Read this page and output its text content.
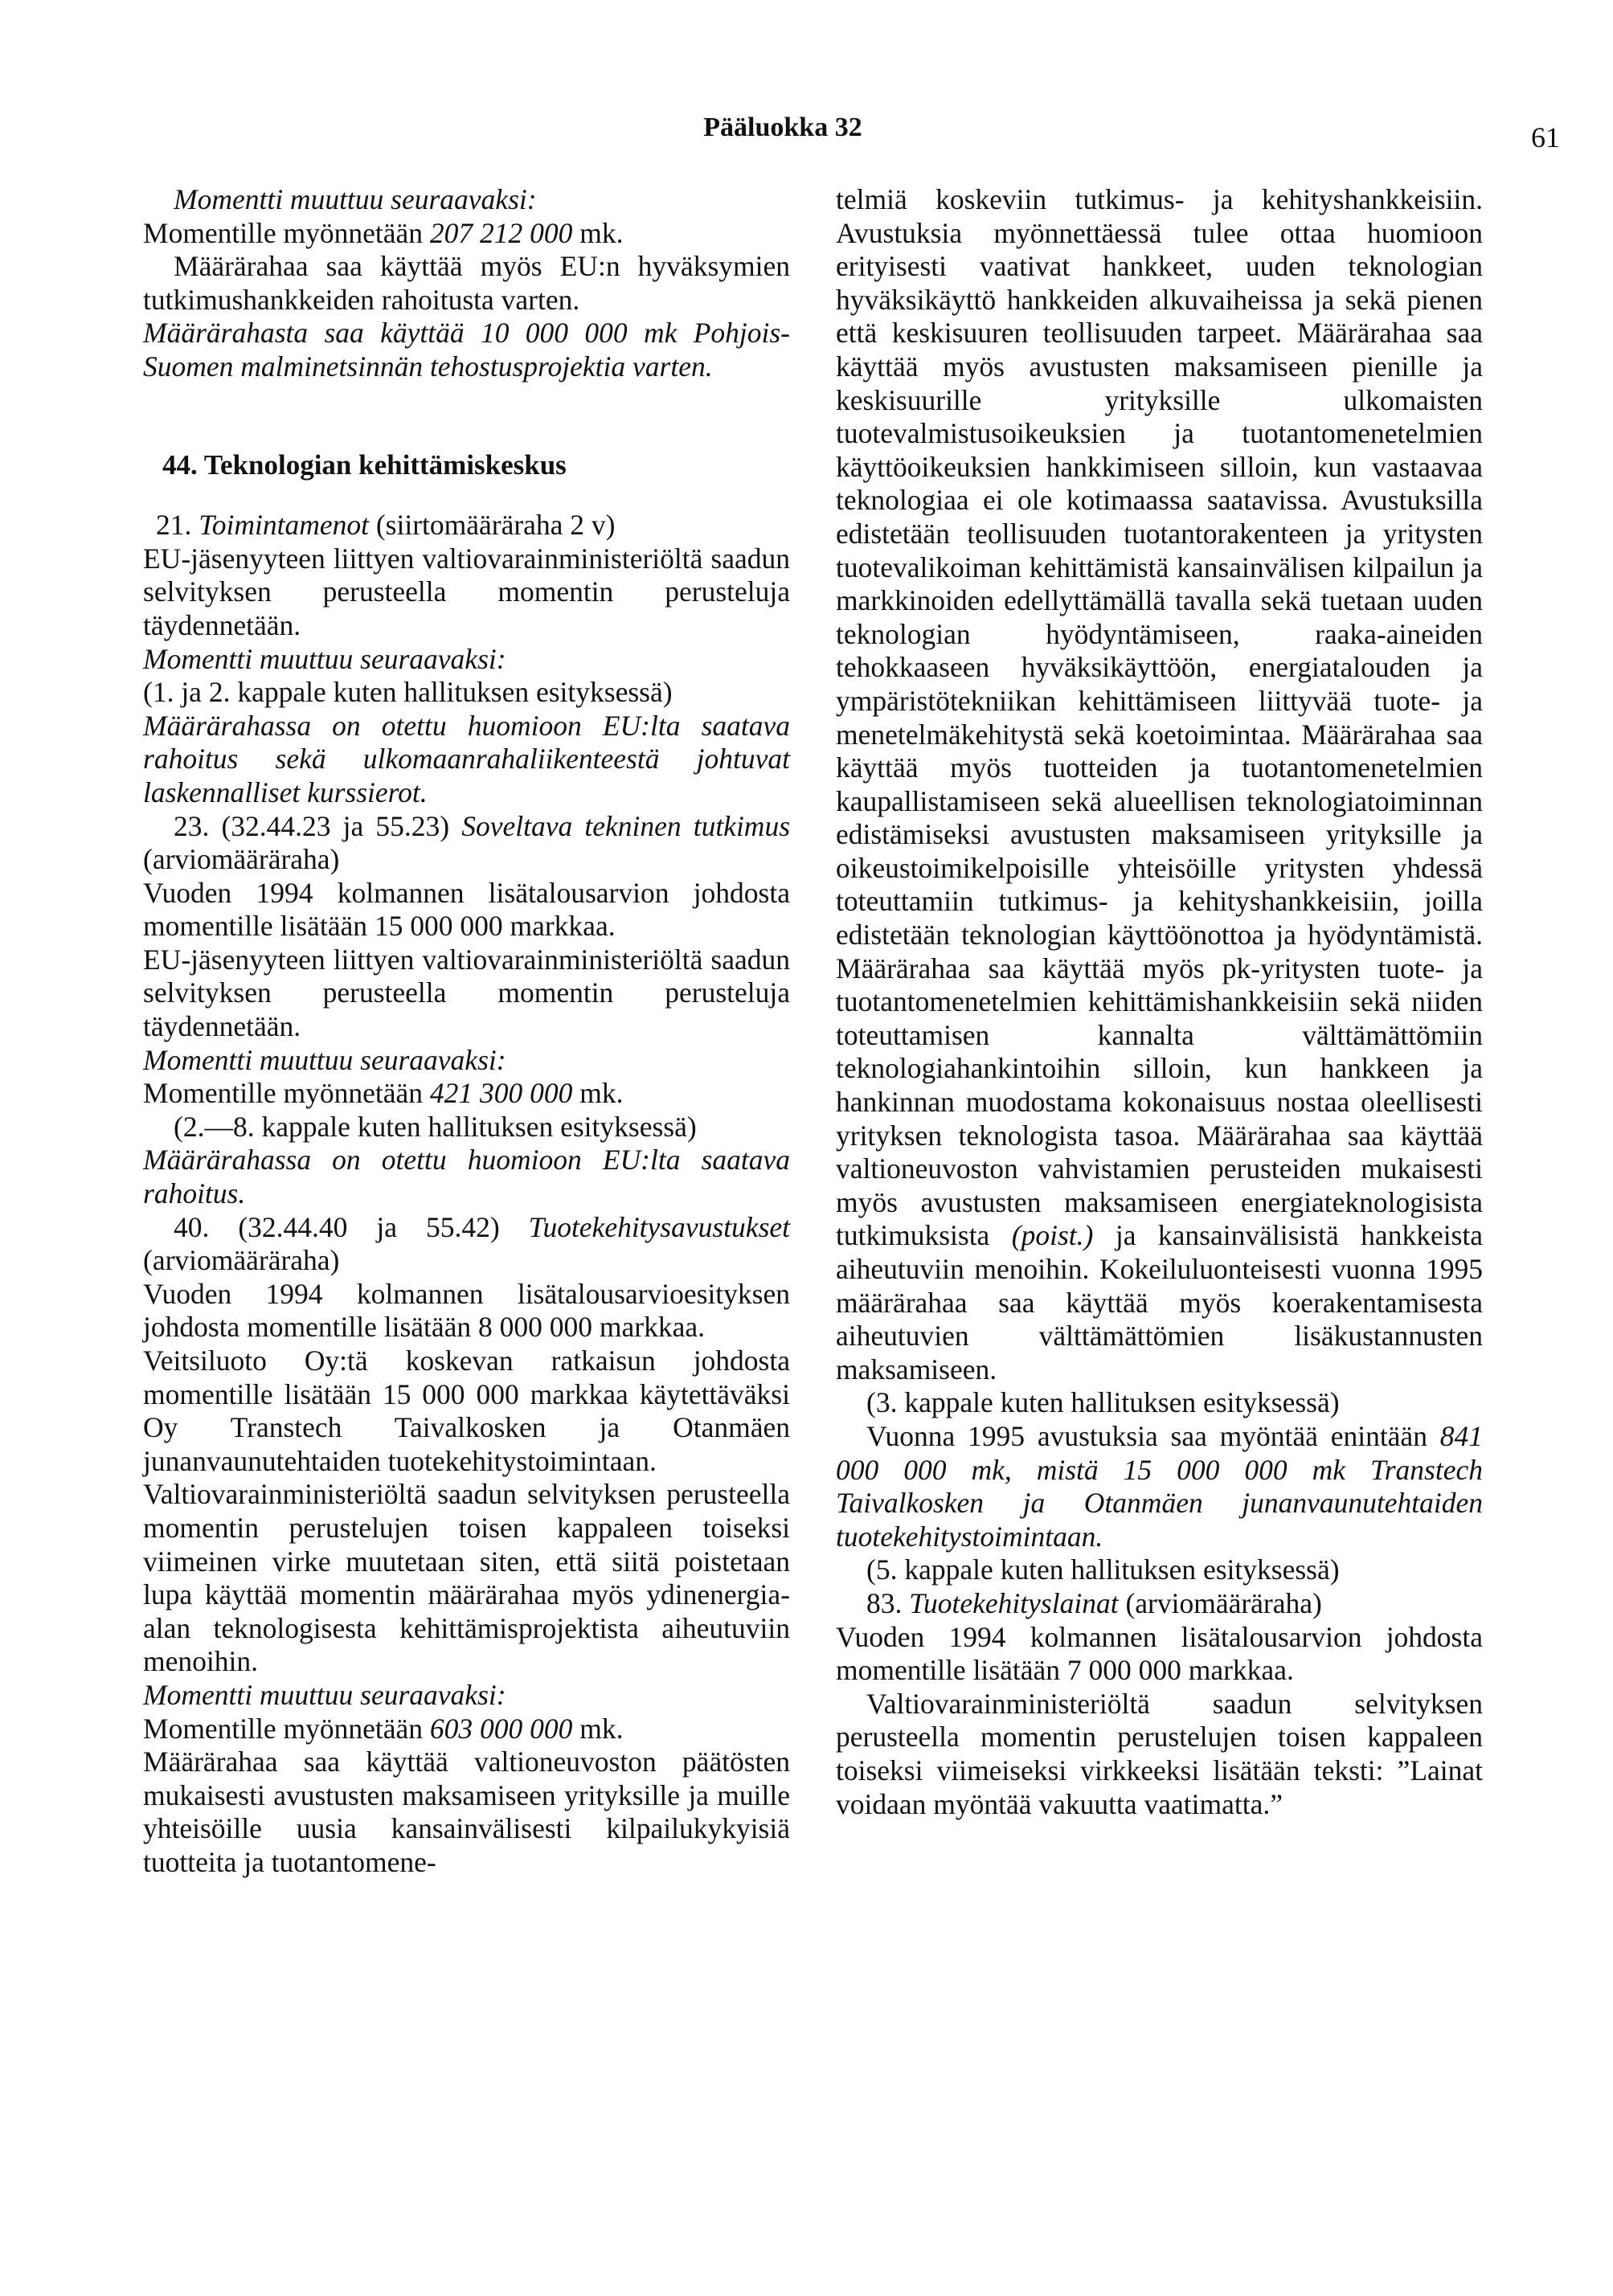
Pääluokka 32	61

Momentti muuttuu seuraavaksi:

Momentille myönnetään 207 212 000 mk.

Määrärahaa saa käyttää myös EU:n hyväksymien tutkimushankkeiden rahoitusta varten.

Määrärahasta saa käyttää 10 000 000 mk Pohjois-Suomen malminetsinnän tehostusprojektia varten.

44. Teknologian kehittämiskeskus

21. Toimintamenot (siirtomääräraha 2 v)

EU-jäsenyyteen liittyen valtiovarainministeriöltä saadun selvityksen perusteella momentin perusteluja täydennetään.

Momentti muuttuu seuraavaksi:

(1. ja 2. kappale kuten hallituksen esityksessä)

Määrärahassa on otettu huomioon EU:lta saatava rahoitus sekä ulkomaanrahaliikenteestä johtuvat laskennalliset kurssierot.

23. (32.44.23 ja 55.23) Soveltava tekninen tutkimus (arviomääräraha)

Vuoden 1994 kolmannen lisätalousarvion johdosta momentille lisätään 15 000 000 markkaa.

EU-jäsenyyteen liittyen valtiovarainministeriöltä saadun selvityksen perusteella momentin perusteluja täydennetään.

Momentti muuttuu seuraavaksi:

Momentille myönnetään 421 300 000 mk.

(2.—8. kappale kuten hallituksen esityksessä)

Määrärahassa on otettu huomioon EU:lta saatava rahoitus.

40. (32.44.40 ja 55.42) Tuotekehitysavustukset (arviomääräraha)

Vuoden 1994 kolmannen lisätalousarvioesityksen johdosta momentille lisätään 8 000 000 markkaa.

Veitsiluoto Oy:tä koskevan ratkaisun johdosta momentille lisätään 15 000 000 markkaa käytettäväksi Oy Transtech Taivalkosken ja Otanmäen junanvaunutehtaiden tuotekehitystoimintaan.

Valtiovarainministeriöltä saadun selvityksen perusteella momentin perustelujen toisen kappaleen toiseksi viimeinen virke muutetaan siten, että siitä poistetaan lupa käyttää momentin määrärahaa myös ydinenergia-alan teknologisesta kehittämisprojektista aiheutuviin menoihin.

Momentti muuttuu seuraavaksi:

Momentille myönnetään 603 000 000 mk.

Määrärahaa saa käyttää valtioneuvoston päätösten mukaisesti avustusten maksamiseen yrityksille ja muille yhteisöille uusia kansainvälisesti kilpailukykyisiä tuotteita ja tuotantomene-

telmiä koskeviin tutkimus- ja kehityshankkeisiin. Avustuksia myönnettäessä tulee ottaa huomioon erityisesti vaativat hankkeet, uuden teknologian hyväksikäyttö hankkeiden alkuvaiheissa ja sekä pienen että keskisuuren teollisuuden tarpeet. Määrärahaa saa käyttää myös avustusten maksamiseen pienille ja keskisuurille yrityksille ulkomaisten tuotevalmistusoikeuksien ja tuotantomenetelmien käyttöoikeuksien hankkimiseen silloin, kun vastaavaa teknologiaa ei ole kotimaassa saatavissa. Avustuksilla edistetään teollisuuden tuotantorakenteen ja yritysten tuotevalikoiman kehittämistä kansainvälisen kilpailun ja markkinoiden edellyttämällä tavalla sekä tuetaan uuden teknologian hyödyntämiseen, raaka-aineiden tehokkaaseen hyväksikäyttöön, energiatalouden ja ympäristötekniikan kehittämiseen liittyvää tuote- ja menetelmäkehitystä sekä koetoimintaa. Määrärahaa saa käyttää myös tuotteiden ja tuotantomenetelmien kaupallistamiseen sekä alueellisen teknologiatoiminnan edistämiseksi avustusten maksamiseen yrityksille ja oikeustoimikelpoisille yhteisöille yritysten yhdessä toteuttamiin tutkimus- ja kehityshankkeisiin, joilla edistetään teknologian käyttöönottoa ja hyödyntämistä. Määrärahaa saa käyttää myös pk-yritysten tuote- ja tuotantomenetelmien kehittämishankkeisiin sekä niiden toteuttamisen kannalta välttämättömiin teknologiahankintoihin silloin, kun hankkeen ja hankinnan muodostama kokonaisuus nostaa oleellisesti yrityksen teknologista tasoa. Määrärahaa saa käyttää valtioneuvoston vahvistamien perusteiden mukaisesti myös avustusten maksamiseen energiateknologisista tutkimuksista (poist.) ja kansainvälisistä hankkeista aiheutuviin menoihin. Kokeiluluonteisesti vuonna 1995 määrärahaa saa käyttää myös koerakentamisesta aiheutuvien välttämättömien lisäkustannusten maksamiseen.

(3. kappale kuten hallituksen esityksessä)

Vuonna 1995 avustuksia saa myöntää enintään 841 000 000 mk, mistä 15 000 000 mk Transtech Taivalkosken ja Otanmäen junanvaunutehtaiden tuotekehitystoimintaan.

(5. kappale kuten hallituksen esityksessä)

83. Tuotekehityslainat (arviomääräraha)

Vuoden 1994 kolmannen lisätalousarvion johdosta momentille lisätään 7 000 000 markkaa.

Valtiovarainministeriöltä saadun selvityksen perusteella momentin perustelujen toisen kappaleen toiseksi viimeiseksi virkkeeksi lisätään teksti: ”Lainat voidaan myöntää vakuutta vaatimatta.”
